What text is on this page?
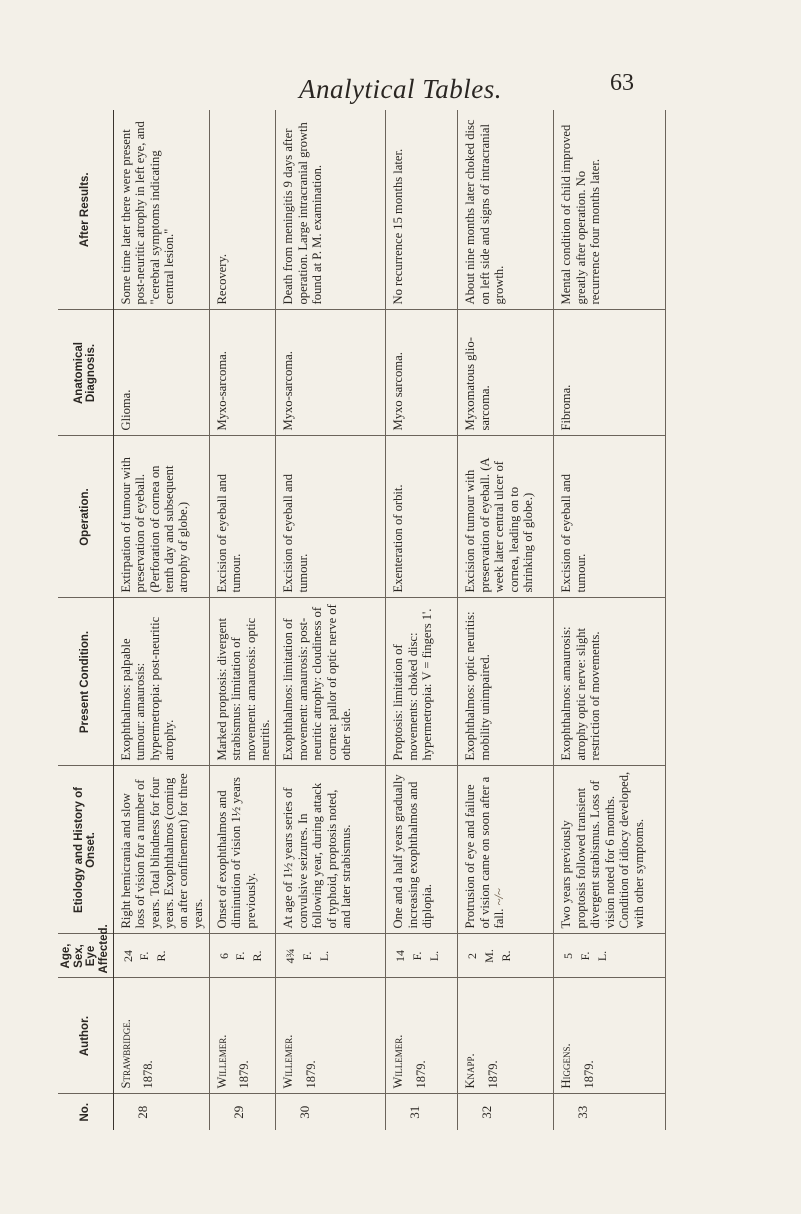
Analytical Tables.	63
No.	Author.	Age, Sex, Eye Affected.	Etiology and History of Onset.	Present Condition.	Operation.	Anatomical Diagnosis.	After Results.
28	Strawbridge. 1878.	24 F. R.	Right hemicrania and slow loss of vision for a number of years. Total blindness for four years. Exophthalmos (coming on after confinement) for three years.	Exophthalmos: palpable tumour: amaurosis: hypermetropia: post-neuritic atrophy.	Extirpation of tumour with preservation of eyeball. (Perforation of cornea on tenth day and subsequent atrophy of globe.)	Glioma.	Some time later there were present post-neuritic atrophy in left eye, and "cerebral symptoms indicating central lesion."
29	Willemer. 1879.	6 F. R.	Onset of exophthalmos and diminution of vision 1½ years previously.	Marked proptosis: divergent strabismus: limitation of movement: amaurosis: optic neuritis.	Excision of eyeball and tumour.	Myxo-sarcoma.	Recovery.
30	Willemer. 1879.	4¾ F. L.	At age of 1½ years series of convulsive seizures. In following year, during attack of typhoid, proptosis noted, and later strabismus.	Exophthalmos: limitation of movement: amaurosis: post-neuritic atrophy: cloudiness of cornea: pallor of optic nerve of other side.	Excision of eyeball and tumour.	Myxo-sarcoma.	Death from meningitis 9 days after operation. Large intracranial growth found at P. M. examination.
31	Willemer. 1879.	14 F. L.	One and a half years gradually increasing exophthalmos and diplopia.	Proptosis: limitation of movements: choked disc: hypermetropia: V = fingers 1'.	Exenteration of orbit.	Myxo sarcoma.	No recurrence 15 months later.
32	Knapp. 1879.	2 M. R.	Protrusion of eye and failure of vision came on soon after a fall. ~/~	Exophthalmos: optic neuritis: mobility unimpaired.	Excision of tumour with preservation of eyeball. (A week later central ulcer of cornea, leading on to shrinking of globe.)	Myxomatous glio-sarcoma.	About nine months later choked disc on left side and signs of intracranial growth.
33	Higgens. 1879.	5 F. L.	Two years previously proptosis followed transient divergent strabismus. Loss of vision noted for 6 months. Condition of idiocy developed, with other symptoms.	Exophthalmos: amaurosis: atrophy optic nerve: slight restriction of movements.	Excision of eyeball and tumour.	Fibroma.	Mental condition of child improved greatly after operation. No recurrence four months later.
